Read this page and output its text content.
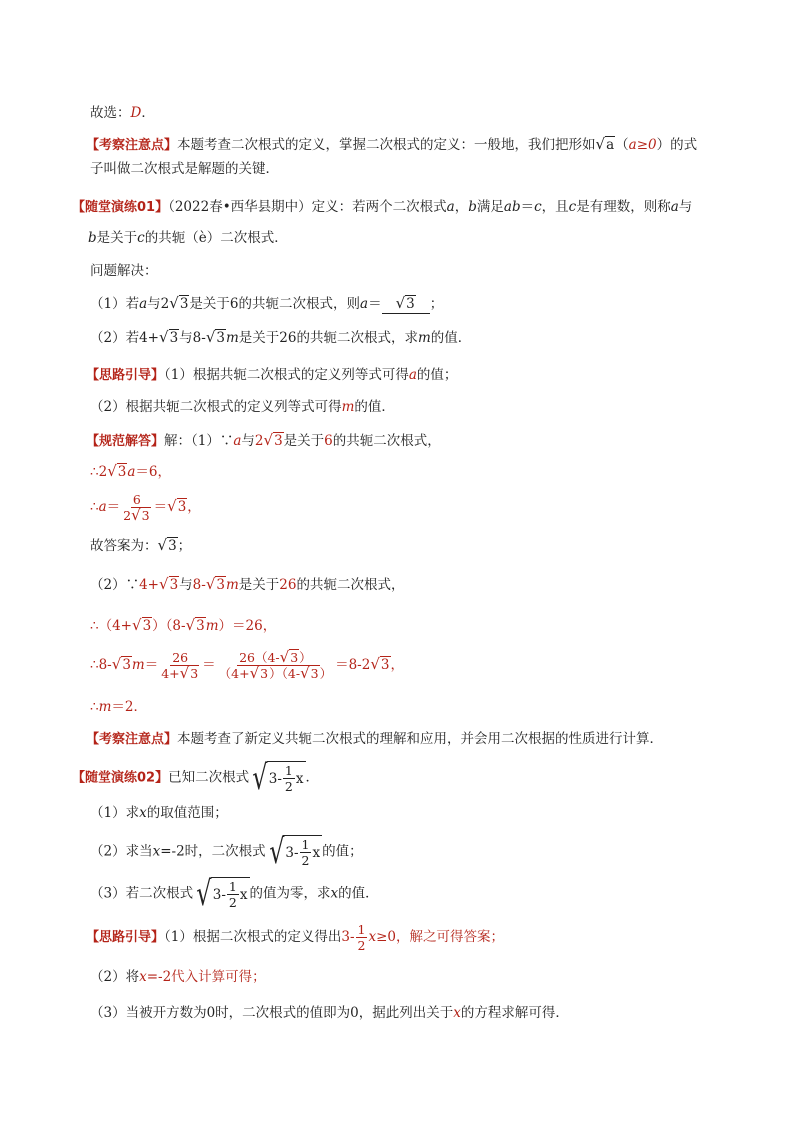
故选：D．
【考察注意点】本题考查二次根式的定义，掌握二次根式的定义：一般地，我们把形如√a（a≥0）的式
子叫做二次根式是解题的关键．
【随堂演练01】（2022春•西华县期中）定义：若两个二次根式a，b满足ab＝c，且c是有理数，则称a与
b是关于c的共轭（è）二次根式．
问题解决：
（1）若a与2√3是关于6的共轭二次根式，则a＝ √3 ；
（2）若4+√3与8-√3m是关于26的共轭二次根式，求m的值．
【思路引导】（1）根据共轭二次根式的定义列等式可得a的值；
（2）根据共轭二次根式的定义列等式可得m的值．
【规范解答】解：（1）∵a与2√3是关于6的共轭二次根式，
∴2√3a＝6，
∴a＝ $\frac{6}{2√3} =√3$，
故答案为：√3；
（2）∵4+√3与8-√3m是关于26的共轭二次根式，
∴（4+√3）（8-√3m）＝26，
∴8-√3m＝ $\frac{26}{4+√3} = \frac{26(4-√3)}{(4+√3)(4-√3)} =8-2√3$，
∴m＝2．
【考察注意点】本题考查了新定义共轭二次根式的理解和应用，并会用二次根据的性质进行计算．
【随堂演练02】已知二次根式 √ $3- \frac{1}{2}$ x ．
（1）求x的取值范围；
（2）求当x=-2时，二次根式 √ $3- \frac{1}{2}$ x 的值；
（3）若二次根式 √ $3- \frac{1}{2}$ x 的值为零，求x的值．
【思路引导】（1）根据二次根式的定义得出$3- \frac{1}{2} x\ge 0$，解之可得答案；
（2）将x=-2代入计算可得；
（3）当被开方数为0时，二次根式的值即为0，据此列出关于x的方程求解可得．
